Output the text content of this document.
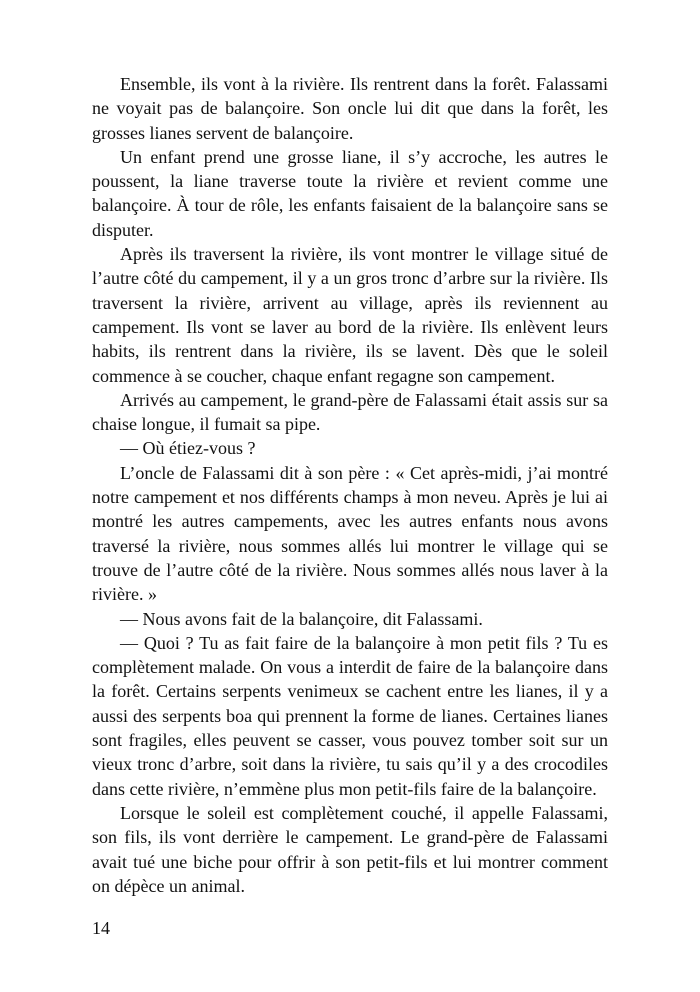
Ensemble, ils vont à la rivière. Ils rentrent dans la forêt. Falassami ne voyait pas de balançoire. Son oncle lui dit que dans la forêt, les grosses lianes servent de balançoire.

Un enfant prend une grosse liane, il s’y accroche, les autres le poussent, la liane traverse toute la rivière et revient comme une balançoire. À tour de rôle, les enfants faisaient de la balançoire sans se disputer.

Après ils traversent la rivière, ils vont montrer le village situé de l’autre côté du campement, il y a un gros tronc d’arbre sur la rivière. Ils traversent la rivière, arrivent au village, après ils reviennent au campement. Ils vont se laver au bord de la rivière. Ils enlèvent leurs habits, ils rentrent dans la rivière, ils se lavent. Dès que le soleil commence à se coucher, chaque enfant regagne son campement.

Arrivés au campement, le grand-père de Falassami était assis sur sa chaise longue, il fumait sa pipe.

— Où étiez-vous ?

L’oncle de Falassami dit à son père : « Cet après-midi, j’ai montré notre campement et nos différents champs à mon neveu. Après je lui ai montré les autres campements, avec les autres enfants nous avons traversé la rivière, nous sommes allés lui montrer le village qui se trouve de l’autre côté de la rivière. Nous sommes allés nous laver à la rivière. »

— Nous avons fait de la balançoire, dit Falassami.

— Quoi ? Tu as fait faire de la balançoire à mon petit fils ? Tu es complètement malade. On vous a interdit de faire de la balançoire dans la forêt. Certains serpents venimeux se cachent entre les lianes, il y a aussi des serpents boa qui prennent la forme de lianes. Certaines lianes sont fragiles, elles peuvent se casser, vous pouvez tomber soit sur un vieux tronc d’arbre, soit dans la rivière, tu sais qu’il y a des crocodiles dans cette rivière, n’emmène plus mon petit-fils faire de la balançoire.

Lorsque le soleil est complètement couché, il appelle Falassami, son fils, ils vont derrière le campement. Le grand-père de Falassami avait tué une biche pour offrir à son petit-fils et lui montrer comment on dépèce un animal.

14
